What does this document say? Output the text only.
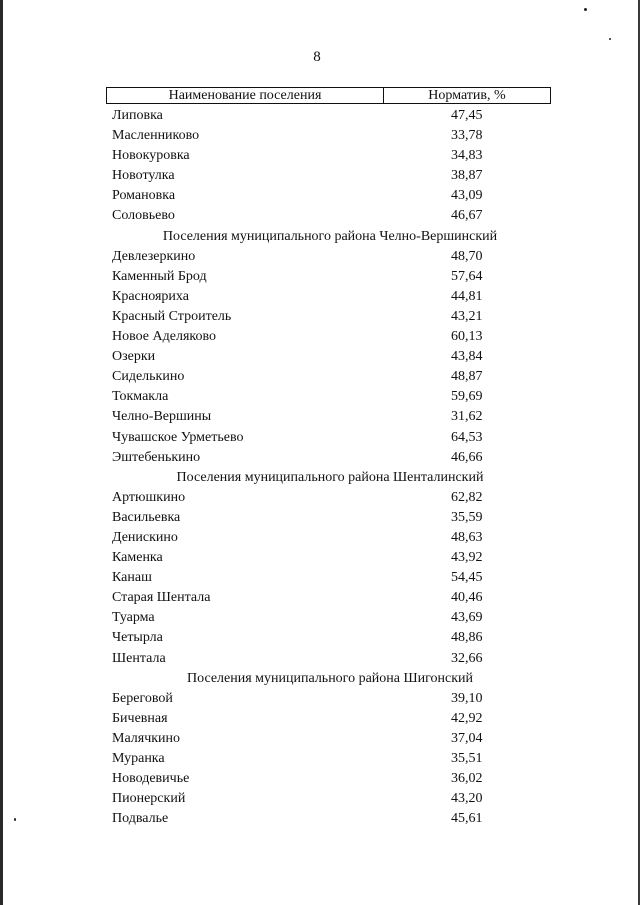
8
Наименование поселения	Норматив, %
Липовка	47,45
Масленниково	33,78
Новокуровка	34,83
Новотулка	38,87
Романовка	43,09
Соловьево	46,67
Поселения муниципального района Челно-Вершинский
Девлезеркино	48,70
Каменный Брод	57,64
Краснояриха	44,81
Красный Строитель	43,21
Новое Аделяково	60,13
Озерки	43,84
Сиделькино	48,87
Токмакла	59,69
Челно-Вершины	31,62
Чувашское Урметьево	64,53
Эштебенькино	46,66
Поселения муниципального района Шенталинский
Артюшкино	62,82
Васильевка	35,59
Денискино	48,63
Каменка	43,92
Канаш	54,45
Старая Шентала	40,46
Туарма	43,69
Четырла	48,86
Шентала	32,66
Поселения муниципального района Шигонский
Береговой	39,10
Бичевная	42,92
Малячкино	37,04
Муранка	35,51
Новодевичье	36,02
Пионерский	43,20
Подвалье	45,61
